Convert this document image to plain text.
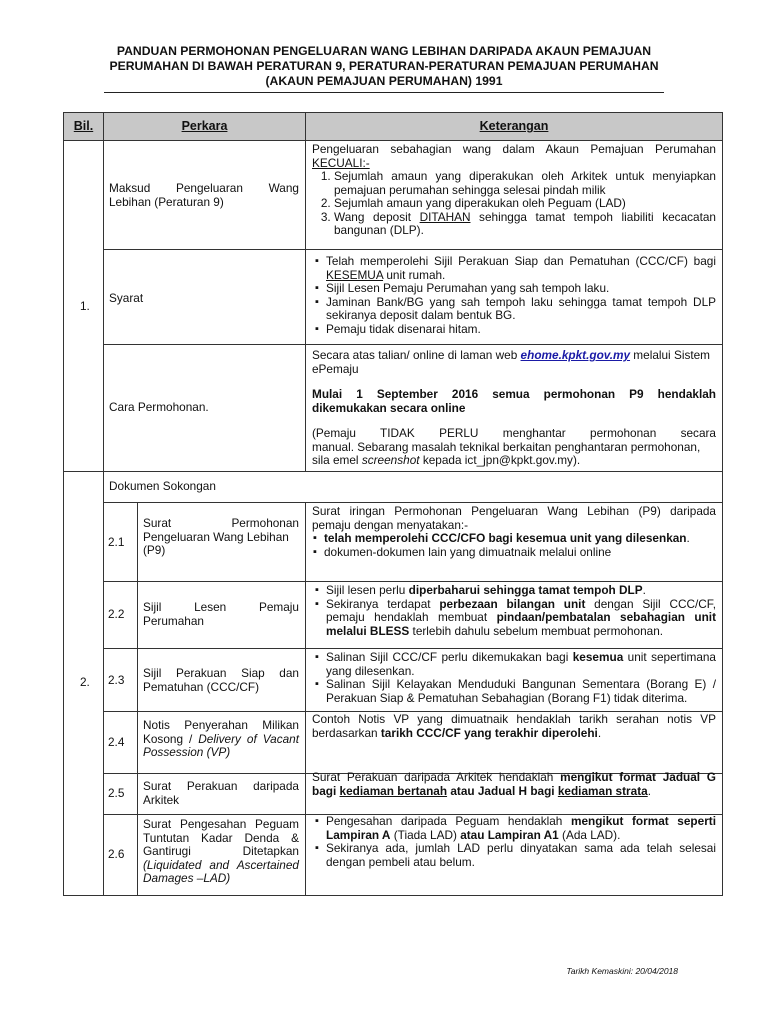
PANDUAN PERMOHONAN PENGELUARAN WANG LEBIHAN DARIPADA AKAUN PEMAJUAN
PERUMAHAN DI BAWAH PERATURAN 9, PERATURAN-PERATURAN PEMAJUAN PERUMAHAN
(AKAUN PEMAJUAN PERUMAHAN) 1991
Bil.	Perkara	Keterangan
1.
Maksud Pengeluaran Wang
Lebihan (Peraturan 9)
Pengeluaran sebahagian wang dalam Akaun Pemajuan Perumahan
KECUALI:-
1. Sejumlah amaun yang diperakukan oleh Arkitek untuk menyiapkan pemajuan perumahan sehingga selesai pindah milik
2. Sejumlah amaun yang diperakukan oleh Peguam (LAD)
3. Wang deposit DITAHAN sehingga tamat tempoh liabiliti kecacatan bangunan (DLP).
Syarat
▪ Telah memperolehi Sijil Perakuan Siap dan Pematuhan (CCC/CF) bagi KESEMUA unit rumah.
▪ Sijil Lesen Pemaju Perumahan yang sah tempoh laku.
▪ Jaminan Bank/BG yang sah tempoh laku sehingga tamat tempoh DLP sekiranya deposit dalam bentuk BG.
▪ Pemaju tidak disenarai hitam.
Cara Permohonan.
Secara atas talian/ online di laman web ehome.kpkt.gov.my melalui Sistem ePemaju
Mulai 1 September 2016 semua permohonan P9 hendaklah
dikemukakan secara online
(Pemaju TIDAK PERLU menghantar permohonan secara
manual. Sebarang masalah teknikal berkaitan penghantaran permohonan,
sila emel screenshot kepada ict_jpn@kpkt.gov.my).
2.
Dokumen Sokongan
2.1
Surat Permohonan
Pengeluaran Wang Lebihan
(P9)
Surat iringan Permohonan Pengeluaran Wang Lebihan (P9) daripada
pemaju dengan menyatakan:-
▪ telah memperolehi CCC/CFO bagi kesemua unit yang dilesenkan.
▪ dokumen-dokumen lain yang dimuatnaik melalui online
2.2 Sijil Lesen Pemaju
Perumahan
▪ Sijil lesen perlu diperbaharui sehingga tamat tempoh DLP.
▪ Sekiranya terdapat perbezaan bilangan unit dengan Sijil CCC/CF, pemaju hendaklah membuat pindaan/pembatalan sebahagian unit melalui BLESS terlebih dahulu sebelum membuat permohonan.
2.3 Sijil Perakuan Siap dan
Pematuhan (CCC/CF)
▪ Salinan Sijil CCC/CF perlu dikemukakan bagi kesemua unit sepertimana yang dilesenkan.
▪ Salinan Sijil Kelayakan Menduduki Bangunan Sementara (Borang E) / Perakuan Siap & Pematuhan Sebahagian (Borang F1) tidak diterima.
2.4
Notis Penyerahan Milikan
Kosong / Delivery of Vacant
Possession (VP)
Contoh Notis VP yang dimuatnaik hendaklah tarikh serahan notis VP
berdasarkan tarikh CCC/CF yang terakhir diperolehi.
2.5 Surat Perakuan daripada
Arkitek
Surat Perakuan daripada Arkitek hendaklah mengikut format Jadual G
bagi kediaman bertanah atau Jadual H bagi kediaman strata.
2.6
Surat Pengesahan Peguam
Tuntutan Kadar Denda &
Gantirugi Ditetapkan
(Liquidated and Ascertained
Damages –LAD)
▪ Pengesahan daripada Peguam hendaklah mengikut format seperti Lampiran A (Tiada LAD) atau Lampiran A1 (Ada LAD).
▪ Sekiranya ada, jumlah LAD perlu dinyatakan sama ada telah selesai dengan pembeli atau belum.
Tarikh Kemaskini: 20/04/2018
